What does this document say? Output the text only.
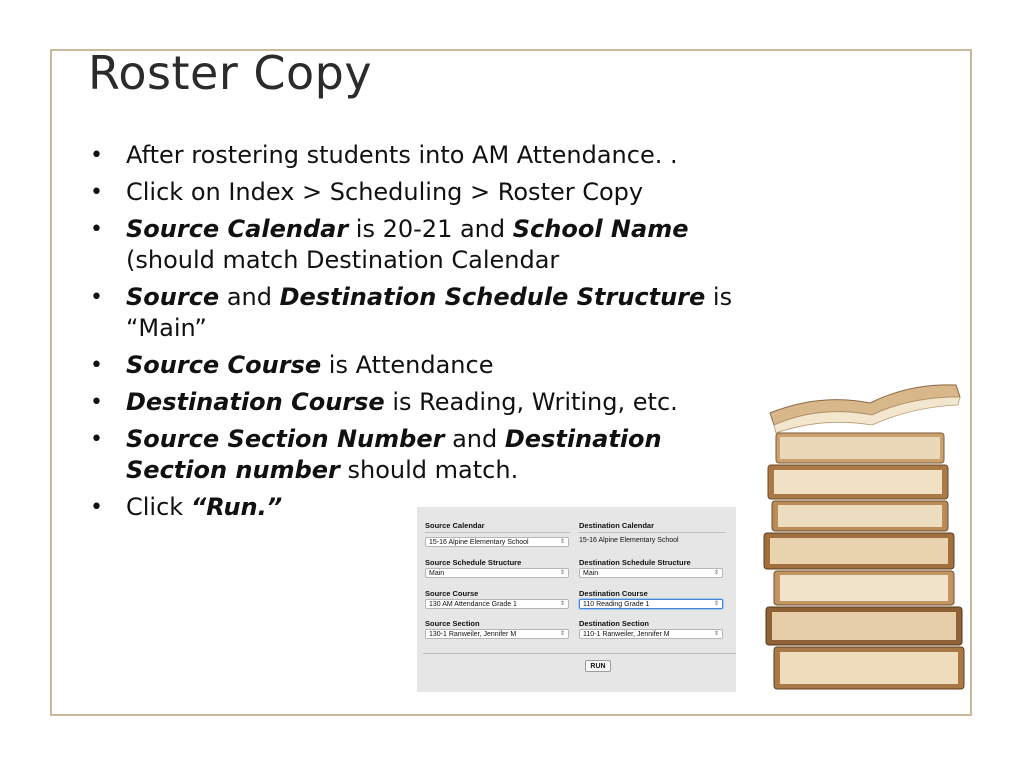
Roster Copy
• After rostering students into AM Attendance. .
• Click on Index > Scheduling > Roster Copy
• Source Calendar is 20-21 and School Name (should match Destination Calendar
• Source and Destination Schedule Structure is “Main”
• Source Course is Attendance
• Destination Course is Reading, Writing, etc.
• Source Section Number and Destination Section number should match.
• Click “Run.”
Source Calendar
15-16 Alpine Elementary School	⇕
Destination Calendar
15-16 Alpine Elementary School
Source Schedule Structure
Main	⇕
Destination Schedule Structure
Main	⇕
Source Course
130 AM Attendance Grade 1	⇕
Destination Course
110 Reading Grade 1	⇕
Source Section
130-1 Ranweiler, Jennifer M	⇕
Destination Section
110-1 Ranweiler, Jennifer M	⇕
RUN
